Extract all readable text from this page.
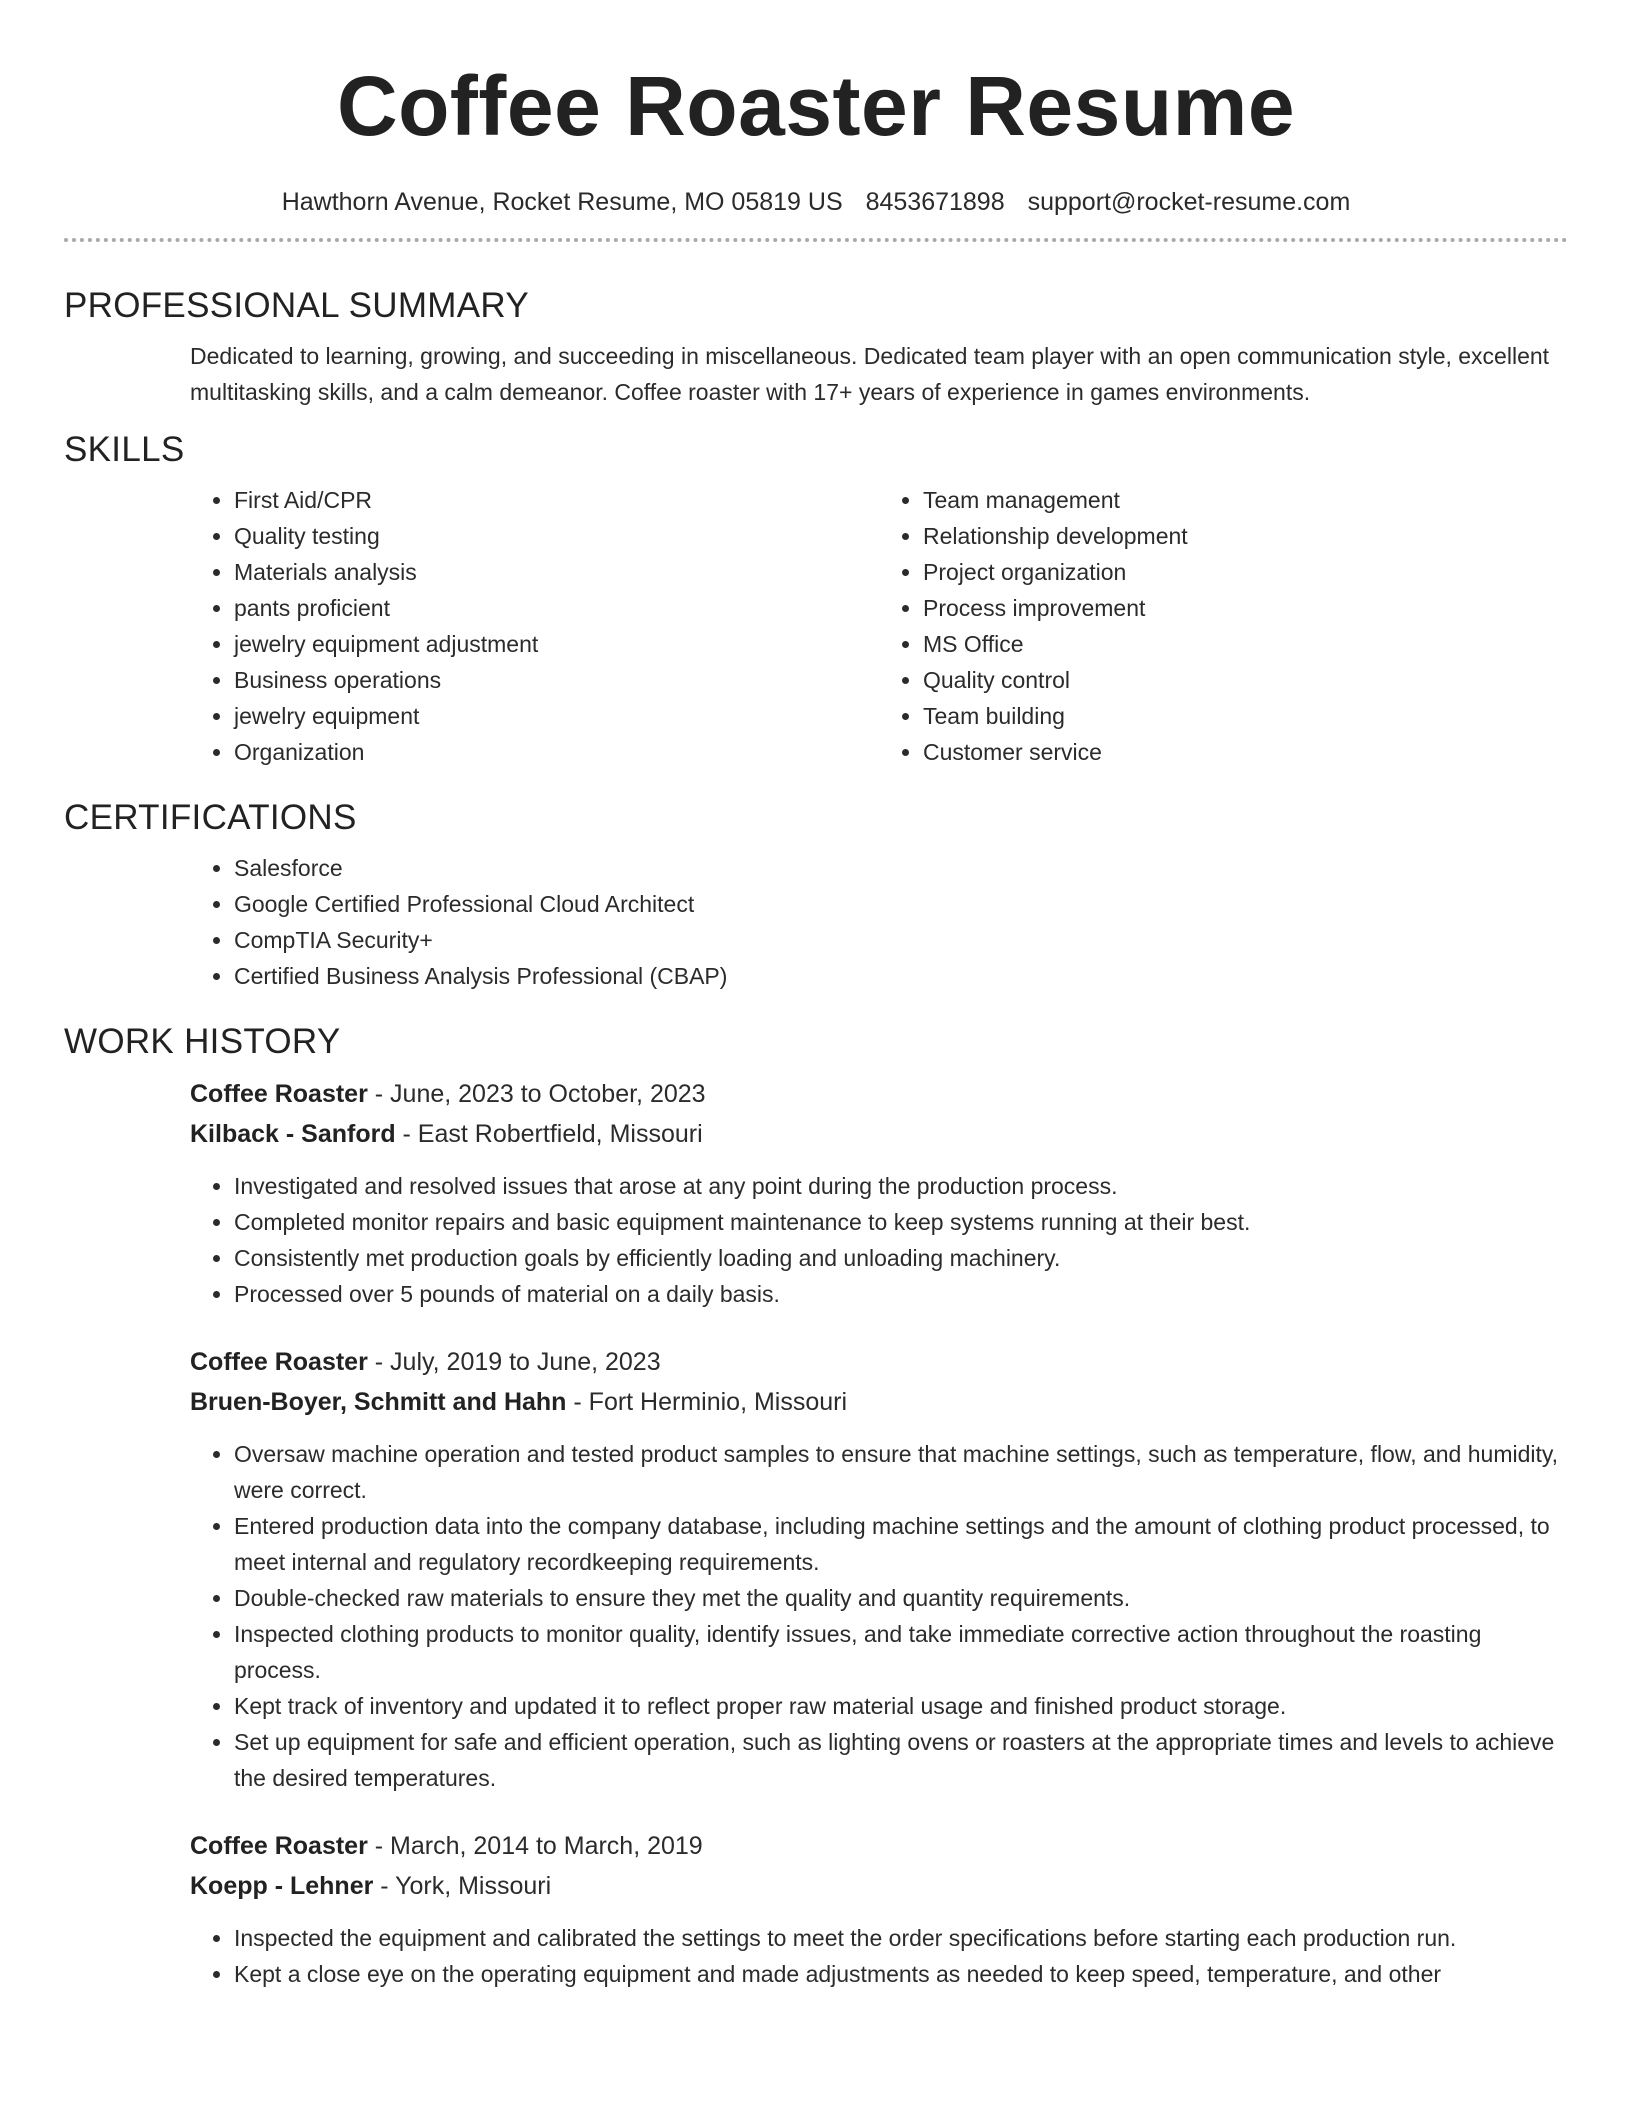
Coffee Roaster Resume
Hawthorn Avenue, Rocket Resume, MO 05819 US 8453671898 support@rocket-resume.com
PROFESSIONAL SUMMARY

Dedicated to learning, growing, and succeeding in miscellaneous. Dedicated team player with an open communication style, excellent multitasking skills, and a calm demeanor. Coffee roaster with 17+ years of experience in games environments.

SKILLS
• First Aid/CPR
• Quality testing
• Materials analysis
• pants proficient
• jewelry equipment adjustment
• Business operations
• jewelry equipment
• Organization
• Team management
• Relationship development
• Project organization
• Process improvement
• MS Office
• Quality control
• Team building
• Customer service
CERTIFICATIONS
• Salesforce
• Google Certified Professional Cloud Architect
• CompTIA Security+
• Certified Business Analysis Professional (CBAP)
WORK HISTORY
Coffee Roaster - June, 2023 to October, 2023
Kilback - Sanford - East Robertfield, Missouri
• Investigated and resolved issues that arose at any point during the production process.
• Completed monitor repairs and basic equipment maintenance to keep systems running at their best.
• Consistently met production goals by efficiently loading and unloading machinery.
• Processed over 5 pounds of material on a daily basis.
Coffee Roaster - July, 2019 to June, 2023
Bruen-Boyer, Schmitt and Hahn - Fort Herminio, Missouri
• Oversaw machine operation and tested product samples to ensure that machine settings, such as temperature, flow, and humidity, were correct.
• Entered production data into the company database, including machine settings and the amount of clothing product processed, to meet internal and regulatory recordkeeping requirements.
• Double-checked raw materials to ensure they met the quality and quantity requirements.
• Inspected clothing products to monitor quality, identify issues, and take immediate corrective action throughout the roasting process.
• Kept track of inventory and updated it to reflect proper raw material usage and finished product storage.
• Set up equipment for safe and efficient operation, such as lighting ovens or roasters at the appropriate times and levels to achieve the desired temperatures.
Coffee Roaster - March, 2014 to March, 2019
Koepp - Lehner - York, Missouri
• Inspected the equipment and calibrated the settings to meet the order specifications before starting each production run.
• Kept a close eye on the operating equipment and made adjustments as needed to keep speed, temperature, and other
